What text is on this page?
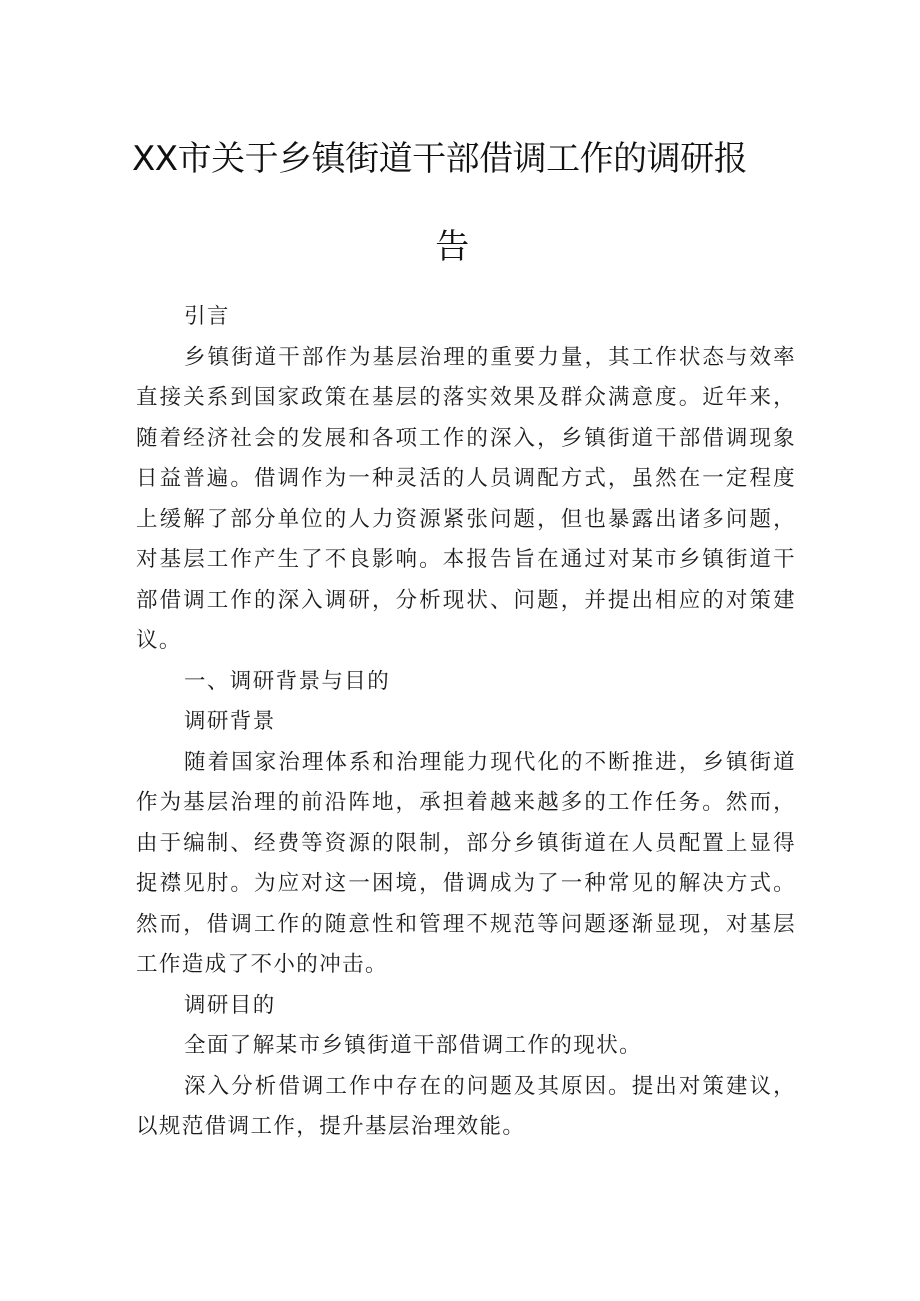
XX市关于乡镇街道干部借调工作的调研报
告

引言

乡镇街道干部作为基层治理的重要力量，其工作状态与效率直接关系到国家政策在基层的落实效果及群众满意度。近年来，随着经济社会的发展和各项工作的深入，乡镇街道干部借调现象日益普遍。借调作为一种灵活的人员调配方式，虽然在一定程度上缓解了部分单位的人力资源紧张问题，但也暴露出诸多问题，对基层工作产生了不良影响。本报告旨在通过对某市乡镇街道干部借调工作的深入调研，分析现状、问题，并提出相应的对策建议。

一、调研背景与目的

调研背景

随着国家治理体系和治理能力现代化的不断推进，乡镇街道作为基层治理的前沿阵地，承担着越来越多的工作任务。然而，由于编制、经费等资源的限制，部分乡镇街道在人员配置上显得捉襟见肘。为应对这一困境，借调成为了一种常见的解决方式。然而，借调工作的随意性和管理不规范等问题逐渐显现，对基层工作造成了不小的冲击。

调研目的

全面了解某市乡镇街道干部借调工作的现状。

深入分析借调工作中存在的问题及其原因。提出对策建议，以规范借调工作，提升基层治理效能。
